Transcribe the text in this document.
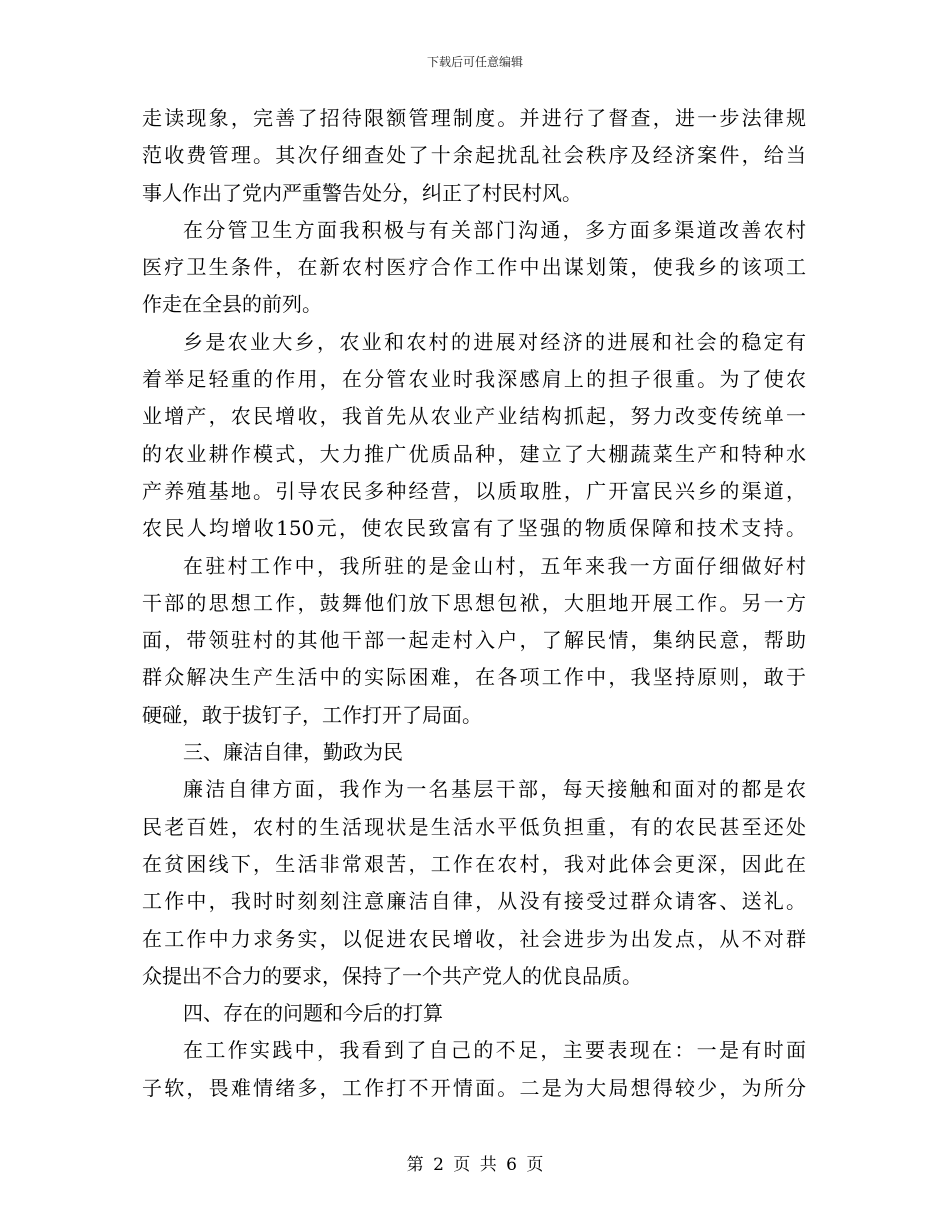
下载后可任意编辑
走读现象，完善了招待限额管理制度。并进行了督查，进一步法律规
范收费管理。其次仔细查处了十余起扰乱社会秩序及经济案件，给当
事人作出了党内严重警告处分，纠正了村民村风。
在分管卫生方面我积极与有关部门沟通，多方面多渠道改善农村
医疗卫生条件，在新农村医疗合作工作中出谋划策，使我乡的该项工
作走在全县的前列。
乡是农业大乡，农业和农村的进展对经济的进展和社会的稳定有
着举足轻重的作用，在分管农业时我深感肩上的担子很重。为了使农
业增产，农民增收，我首先从农业产业结构抓起，努力改变传统单一
的农业耕作模式，大力推广优质品种，建立了大棚蔬菜生产和特种水
产养殖基地。引导农民多种经营，以质取胜，广开富民兴乡的渠道，
农民人均增收150元，使农民致富有了坚强的物质保障和技术支持。
在驻村工作中，我所驻的是金山村，五年来我一方面仔细做好村
干部的思想工作，鼓舞他们放下思想包袱，大胆地开展工作。另一方
面，带领驻村的其他干部一起走村入户，了解民情，集纳民意，帮助
群众解决生产生活中的实际困难，在各项工作中，我坚持原则，敢于
硬碰，敢于拔钉子，工作打开了局面。
三、廉洁自律，勤政为民
廉洁自律方面，我作为一名基层干部，每天接触和面对的都是农
民老百姓，农村的生活现状是生活水平低负担重，有的农民甚至还处
在贫困线下，生活非常艰苦，工作在农村，我对此体会更深，因此在
工作中，我时时刻刻注意廉洁自律，从没有接受过群众请客、送礼。
在工作中力求务实，以促进农民增收，社会进步为出发点，从不对群
众提出不合力的要求，保持了一个共产党人的优良品质。
四、存在的问题和今后的打算
在工作实践中，我看到了自己的不足，主要表现在：一是有时面
子软，畏难情绪多，工作打不开情面。二是为大局想得较少，为所分
第 2 页 共 6 页
